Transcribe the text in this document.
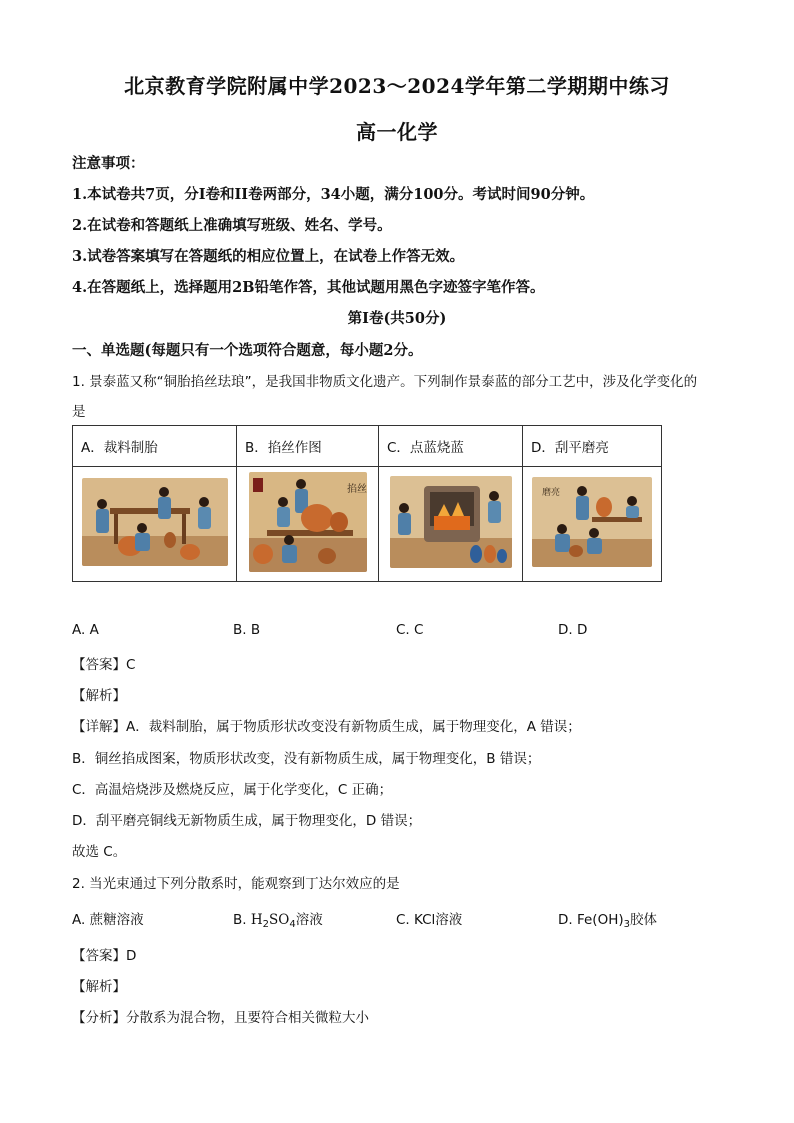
北京教育学院附属中学2023～2024学年第二学期期中练习
高一化学
注意事项：
1.本试卷共7页，分I卷和II卷两部分，34小题，满分100分。考试时间90分钟。
2.在试卷和答题纸上准确填写班级、姓名、学号。
3.试卷答案填写在答题纸的相应位置上，在试卷上作答无效。
4.在答题纸上，选择题用2B铅笔作答，其他试题用黑色字迹签字笔作答。
第I卷(共50分)
一、单选题(每题只有一个选项符合题意，每小题2分。
1. 景泰蓝又称“铜胎掐丝珐琅”，是我国非物质文化遗产。下列制作景泰蓝的部分工艺中，涉及化学变化的
是
A．裁料制胎	B．掐丝作图	C．点蓝烧蓝	D．刮平磨亮

掐丝		磨亮
A. A	B. B	C. C	D. D
【答案】C
【解析】
【详解】A．裁料制胎，属于物质形状改变没有新物质生成，属于物理变化，A 错误；
B．铜丝掐成图案，物质形状改变，没有新物质生成，属于物理变化，B 错误；
C．高温焙烧涉及燃烧反应，属于化学变化，C 正确；
D．刮平磨亮铜线无新物质生成，属于物理变化，D 错误；
故选 C。
2. 当光束通过下列分散系时，能观察到丁达尔效应的是
A. 蔗糖溶液	B. $H_2SO_4$溶液	C. KCl溶液	D. $Fe(OH)_3$胶体
【答案】D
【解析】
【分析】分散系为混合物，且要符合相关微粒大小
